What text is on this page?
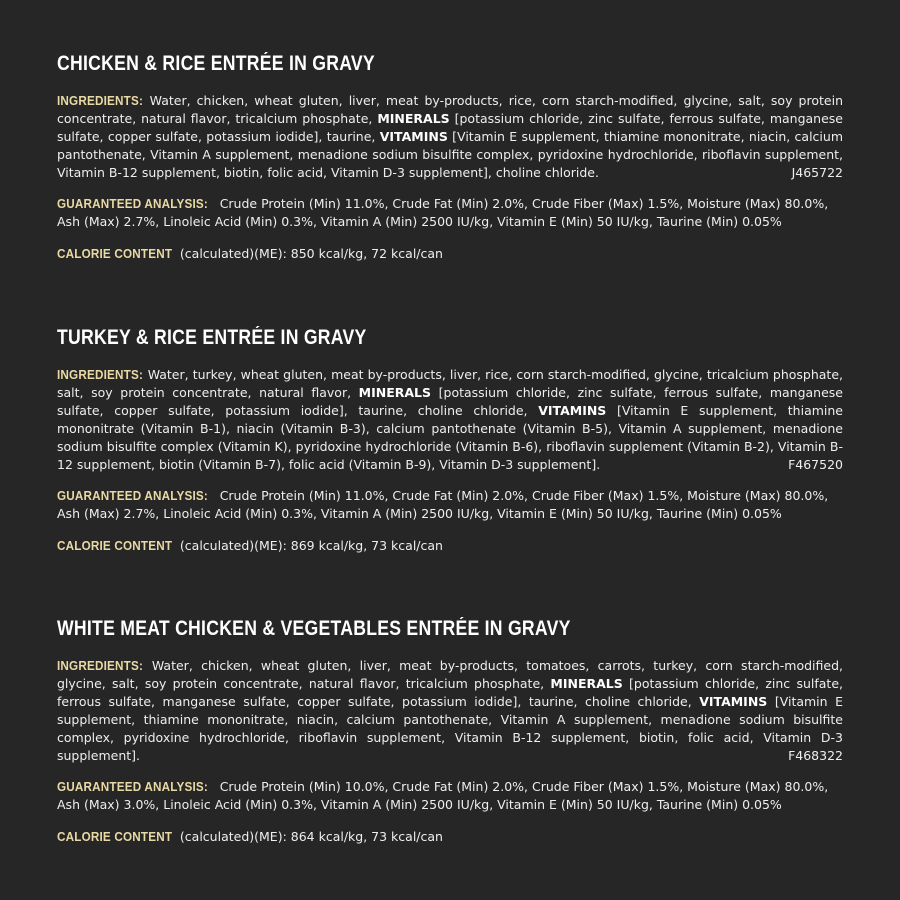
CHICKEN & RICE ENTRÉE IN GRAVY

INGREDIENTS: Water, chicken, wheat gluten, liver, meat by-products, rice, corn starch-modified, glycine, salt, soy protein concentrate, natural flavor, tricalcium phosphate, MINERALS [potassium chloride, zinc sulfate, ferrous sulfate, manganese sulfate, copper sulfate, potassium iodide], taurine, VITAMINS [Vitamin E supplement, thiamine mononitrate, niacin, calcium pantothenate, Vitamin A supplement, menadione sodium bisulfite complex, pyridoxine hydrochloride, riboflavin supplement, Vitamin B-12 supplement, biotin, folic acid, Vitamin D-3 supplement], choline chloride.	J465722

GUARANTEED ANALYSIS: Crude Protein (Min) 11.0%, Crude Fat (Min) 2.0%, Crude Fiber (Max) 1.5%, Moisture (Max) 80.0%, Ash (Max) 2.7%, Linoleic Acid (Min) 0.3%, Vitamin A (Min) 2500 IU/kg, Vitamin E (Min) 50 IU/kg, Taurine (Min) 0.05%

CALORIE CONTENT (calculated)(ME): 850 kcal/kg, 72 kcal/can

TURKEY & RICE ENTRÉE IN GRAVY

INGREDIENTS: Water, turkey, wheat gluten, meat by-products, liver, rice, corn starch-modified, glycine, tricalcium phosphate, salt, soy protein concentrate, natural flavor, MINERALS [potassium chloride, zinc sulfate, ferrous sulfate, manganese sulfate, copper sulfate, potassium iodide], taurine, choline chloride, VITAMINS [Vitamin E supplement, thiamine mononitrate (Vitamin B-1), niacin (Vitamin B-3), calcium pantothenate (Vitamin B-5), Vitamin A supplement, menadione sodium bisulfite complex (Vitamin K), pyridoxine hydrochloride (Vitamin B-6), riboflavin supplement (Vitamin B-2), Vitamin B-12 supplement, biotin (Vitamin B-7), folic acid (Vitamin B-9), Vitamin D-3 supplement].	F467520

GUARANTEED ANALYSIS: Crude Protein (Min) 11.0%, Crude Fat (Min) 2.0%, Crude Fiber (Max) 1.5%, Moisture (Max) 80.0%, Ash (Max) 2.7%, Linoleic Acid (Min) 0.3%, Vitamin A (Min) 2500 IU/kg, Vitamin E (Min) 50 IU/kg, Taurine (Min) 0.05%

CALORIE CONTENT (calculated)(ME): 869 kcal/kg, 73 kcal/can

WHITE MEAT CHICKEN & VEGETABLES ENTRÉE IN GRAVY

INGREDIENTS: Water, chicken, wheat gluten, liver, meat by-products, tomatoes, carrots, turkey, corn starch-modified, glycine, salt, soy protein concentrate, natural flavor, tricalcium phosphate, MINERALS [potassium chloride, zinc sulfate, ferrous sulfate, manganese sulfate, copper sulfate, potassium iodide], taurine, choline chloride, VITAMINS [Vitamin E supplement, thiamine mononitrate, niacin, calcium pantothenate, Vitamin A supplement, menadione sodium bisulfite complex, pyridoxine hydrochloride, riboflavin supplement, Vitamin B-12 supplement, biotin, folic acid, Vitamin D-3 supplement].	F468322

GUARANTEED ANALYSIS: Crude Protein (Min) 10.0%, Crude Fat (Min) 2.0%, Crude Fiber (Max) 1.5%, Moisture (Max) 80.0%, Ash (Max) 3.0%, Linoleic Acid (Min) 0.3%, Vitamin A (Min) 2500 IU/kg, Vitamin E (Min) 50 IU/kg, Taurine (Min) 0.05%

CALORIE CONTENT (calculated)(ME): 864 kcal/kg, 73 kcal/can
